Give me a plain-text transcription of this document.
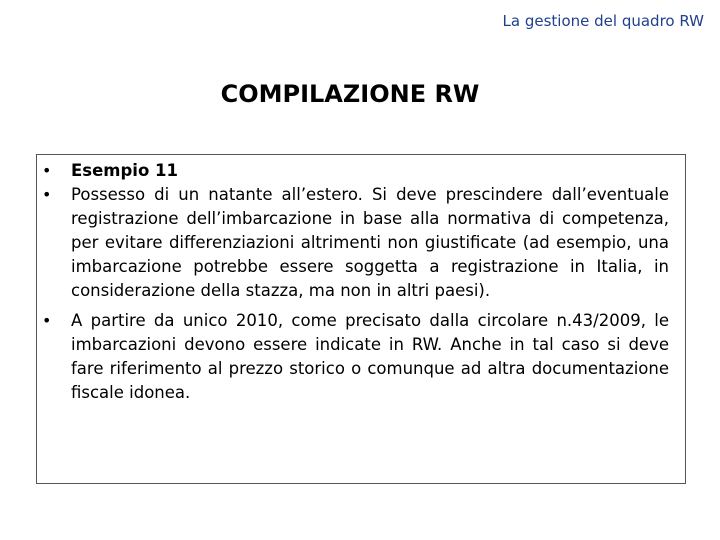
La gestione del quadro RW
COMPILAZIONE RW
• Esempio 11
• Possesso di un natante all’estero. Si deve prescindere dall’eventuale registrazione dell’imbarcazione in base alla normativa di competenza, per evitare differenziazioni altrimenti non giustificate (ad esempio, una imbarcazione potrebbe essere soggetta a registrazione in Italia, in considerazione della stazza, ma non in altri paesi).
• A partire da unico 2010, come precisato dalla circolare n.43/2009, le imbarcazioni devono essere indicate in RW. Anche in tal caso si deve fare riferimento al prezzo storico o comunque ad altra documentazione fiscale idonea.
